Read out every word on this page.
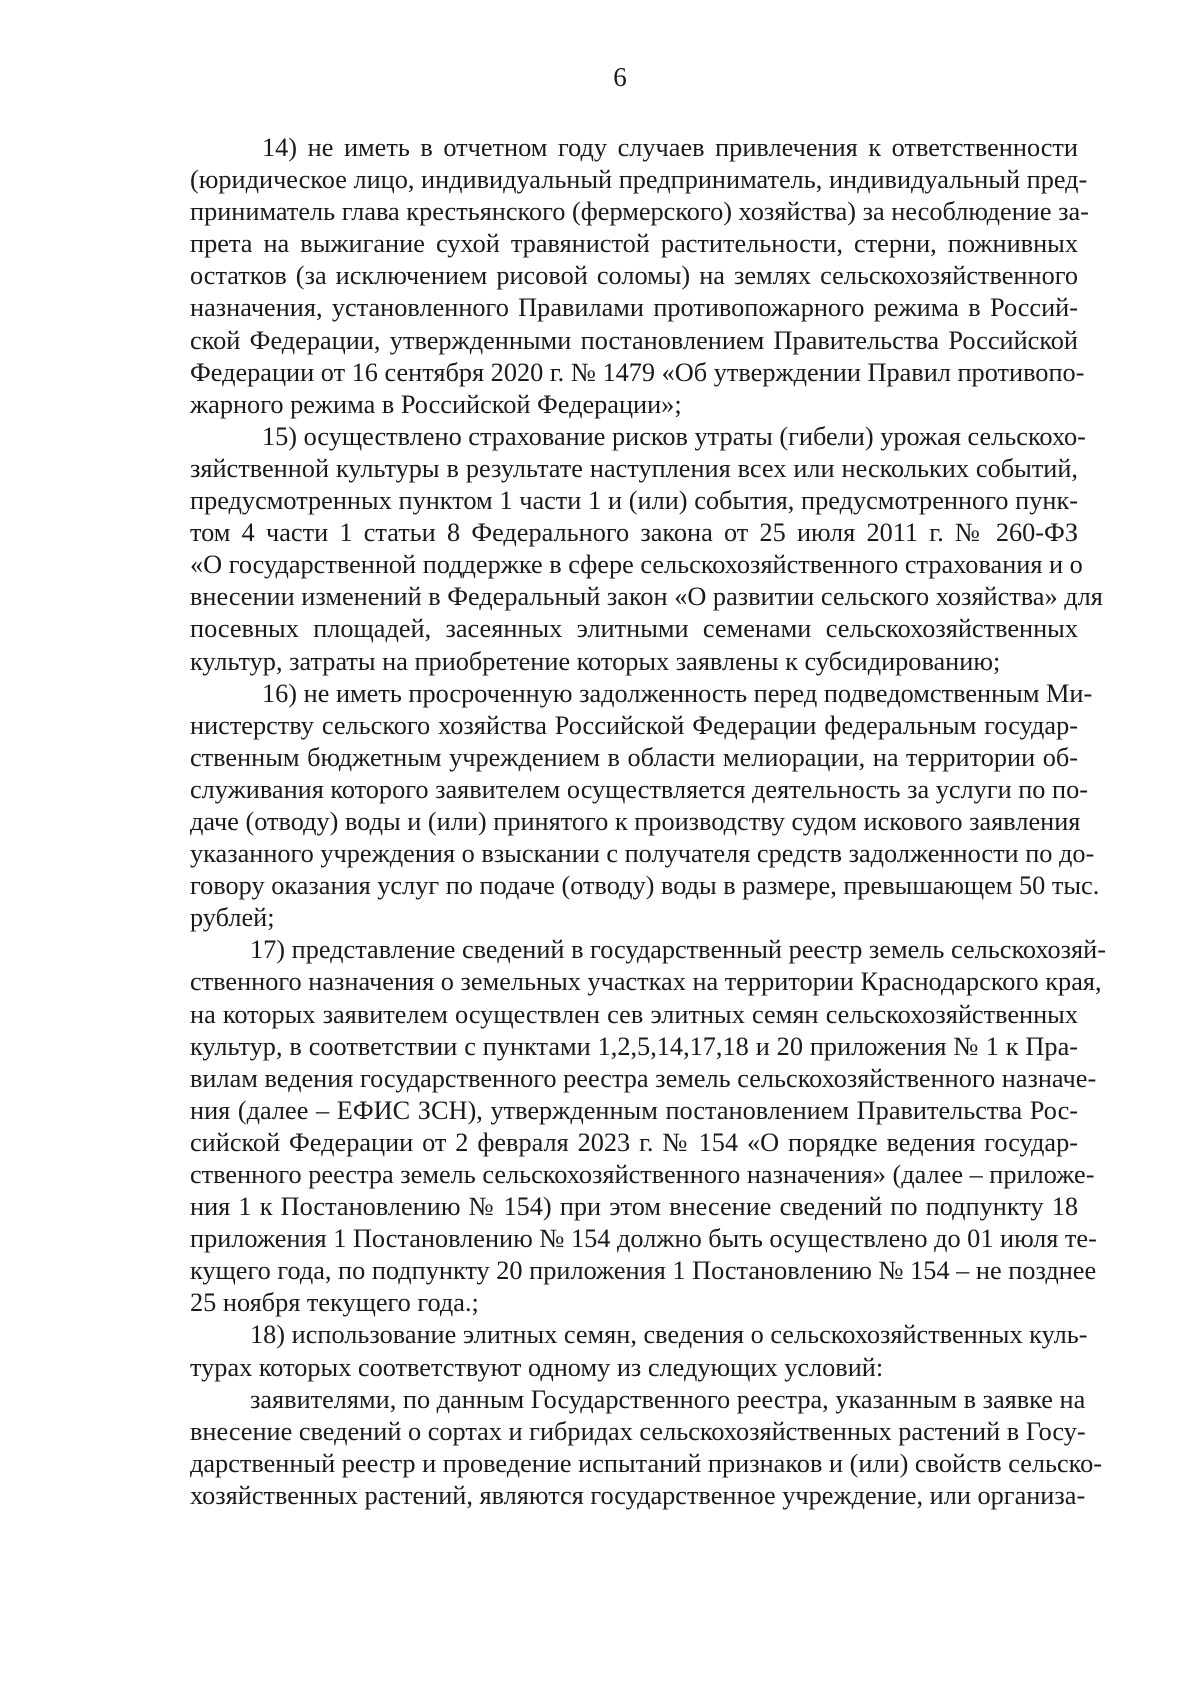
6
14) не иметь в отчетном году случаев привлечения к ответственности
(юридическое лицо, индивидуальный предприниматель, индивидуальный пред-
приниматель глава крестьянского (фермерского) хозяйства) за несоблюдение за-
прета на выжигание сухой травянистой растительности, стерни, пожнивных
остатков (за исключением рисовой соломы) на землях сельскохозяйственного
назначения, установленного Правилами противопожарного режима в Россий-
ской Федерации, утвержденными постановлением Правительства Российской
Федерации от 16 сентября 2020 г. № 1479 «Об утверждении Правил противопо-
жарного режима в Российской Федерации»;
15) осуществлено страхование рисков утраты (гибели) урожая сельскохо-
зяйственной культуры в результате наступления всех или нескольких событий,
предусмотренных пунктом 1 части 1 и (или) события, предусмотренного пунк-
том 4 части 1 статьи 8 Федерального закона от 25 июля 2011 г. № 260-ФЗ
«О государственной поддержке в сфере сельскохозяйственного страхования и о
внесении изменений в Федеральный закон «О развитии сельского хозяйства» для
посевных площадей, засеянных элитными семенами сельскохозяйственных
культур, затраты на приобретение которых заявлены к субсидированию;
16) не иметь просроченную задолженность перед подведомственным Ми-
нистерству сельского хозяйства Российской Федерации федеральным государ-
ственным бюджетным учреждением в области мелиорации, на территории об-
служивания которого заявителем осуществляется деятельность за услуги по по-
даче (отводу) воды и (или) принятого к производству судом искового заявления
указанного учреждения о взыскании с получателя средств задолженности по до-
говору оказания услуг по подаче (отводу) воды в размере, превышающем 50 тыс.
рублей;
17) представление сведений в государственный реестр земель сельскохозяй-
ственного назначения о земельных участках на территории Краснодарского края,
на которых заявителем осуществлен сев элитных семян сельскохозяйственных
культур, в соответствии с пунктами 1,2,5,14,17,18 и 20 приложения № 1 к Пра-
вилам ведения государственного реестра земель сельскохозяйственного назначе-
ния (далее – ЕФИС ЗСН), утвержденным постановлением Правительства Рос-
сийской Федерации от 2 февраля 2023 г. № 154 «О порядке ведения государ-
ственного реестра земель сельскохозяйственного назначения» (далее – приложе-
ния 1 к Постановлению № 154) при этом внесение сведений по подпункту 18
приложения 1 Постановлению № 154 должно быть осуществлено до 01 июля те-
кущего года, по подпункту 20 приложения 1 Постановлению № 154 – не позднее
25 ноября текущего года.;
18) использование элитных семян, сведения о сельскохозяйственных куль-
турах которых соответствуют одному из следующих условий:
заявителями, по данным Государственного реестра, указанным в заявке на
внесение сведений о сортах и гибридах сельскохозяйственных растений в Госу-
дарственный реестр и проведение испытаний признаков и (или) свойств сельско-
хозяйственных растений, являются государственное учреждение, или организа-
